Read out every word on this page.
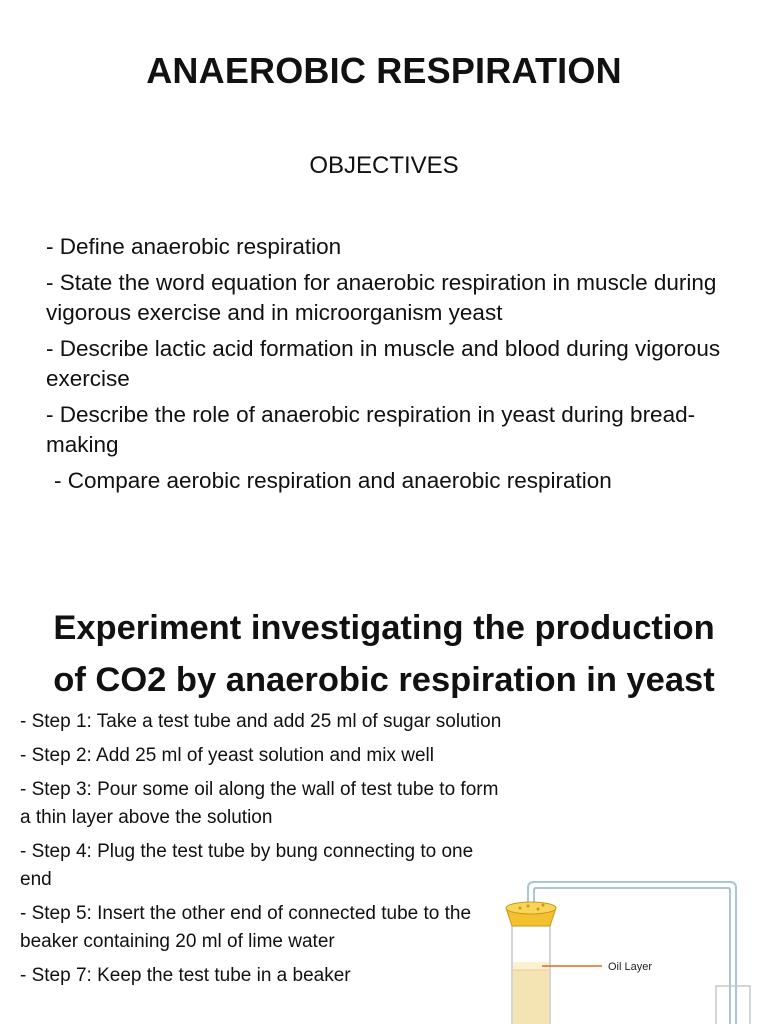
ANAEROBIC RESPIRATION
OBJECTIVES
- Define anaerobic respiration
- State the word equation for anaerobic respiration in muscle during vigorous exercise and in microorganism yeast
- Describe lactic acid formation in muscle and blood during vigorous exercise
- Describe the role of anaerobic respiration in yeast during bread-making
- Compare aerobic respiration and anaerobic respiration
Experiment investigating the production
of CO2 by anaerobic respiration in yeast
- Step 1: Take a test tube and add 25 ml of sugar solution
- Step 2: Add 25 ml of yeast solution and mix well
- Step 3: Pour some oil along the wall of test tube to form a thin layer above the solution
- Step 4: Plug the test tube by bung connecting to one end
- Step 5: Insert the other end of connected tube to the beaker containing 20 ml of lime water
- Step 7: Keep the test tube in a beaker	Oil Layer
